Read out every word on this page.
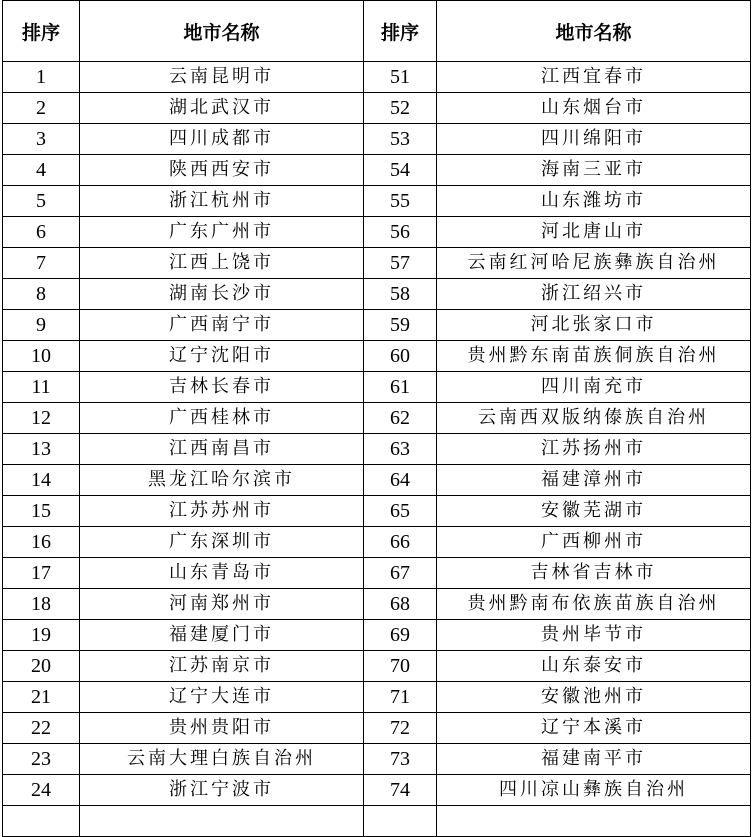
排序	地市名称	排序	地市名称
1	云南昆明市	51	江西宜春市
2	湖北武汉市	52	山东烟台市
3	四川成都市	53	四川绵阳市
4	陕西西安市	54	海南三亚市
5	浙江杭州市	55	山东潍坊市
6	广东广州市	56	河北唐山市
7	江西上饶市	57	云南红河哈尼族彝族自治州
8	湖南长沙市	58	浙江绍兴市
9	广西南宁市	59	河北张家口市
10	辽宁沈阳市	60	贵州黔东南苗族侗族自治州
11	吉林长春市	61	四川南充市
12	广西桂林市	62	云南西双版纳傣族自治州
13	江西南昌市	63	江苏扬州市
14	黑龙江哈尔滨市	64	福建漳州市
15	江苏苏州市	65	安徽芜湖市
16	广东深圳市	66	广西柳州市
17	山东青岛市	67	吉林省吉林市
18	河南郑州市	68	贵州黔南布依族苗族自治州
19	福建厦门市	69	贵州毕节市
20	江苏南京市	70	山东泰安市
21	辽宁大连市	71	安徽池州市
22	贵州贵阳市	72	辽宁本溪市
23	云南大理白族自治州	73	福建南平市
24	浙江宁波市	74	四川凉山彝族自治州
